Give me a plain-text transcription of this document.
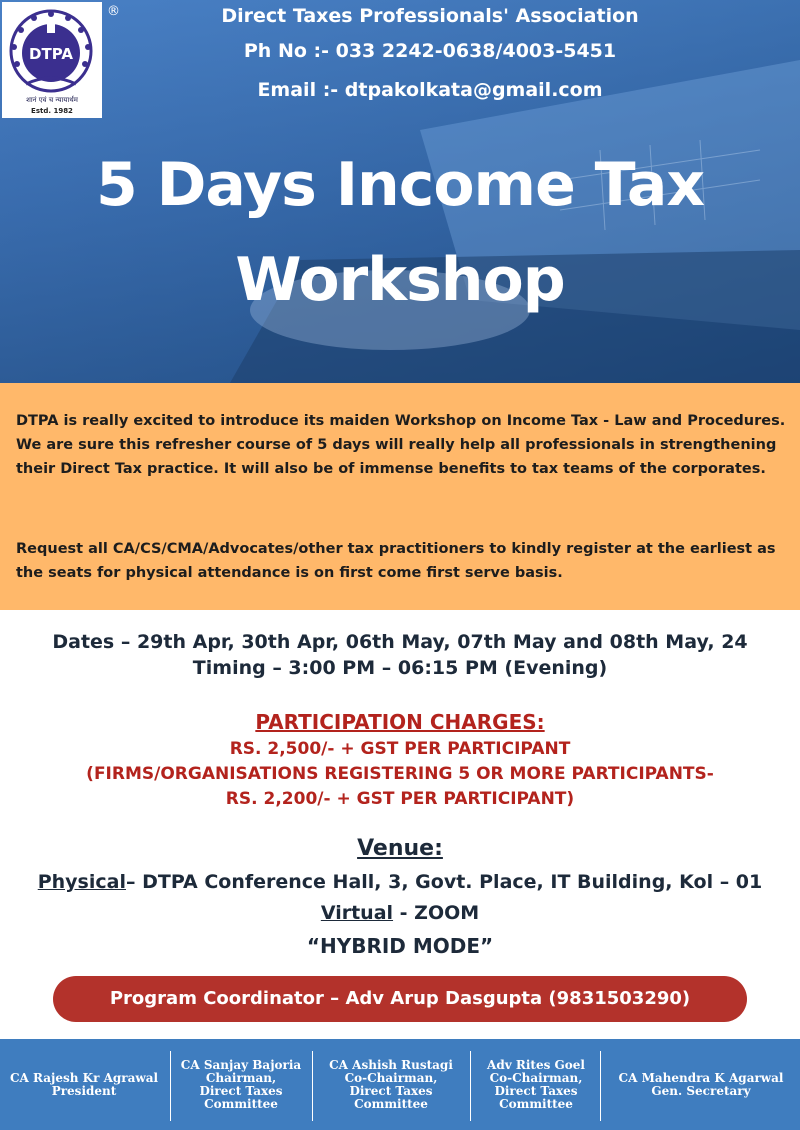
DTPA
शानं एवं च न्यायार्थम
Estd. 1982
®	Direct Taxes Professionals' Association
Ph No :- 033 2242-0638/4003-5451
Email :- dtpakolkata@gmail.com
5 Days Income Tax
Workshop

DTPA is really excited to introduce its maiden Workshop on Income Tax - Law and Procedures. We are sure this refresher course of 5 days will really help all professionals in strengthening their Direct Tax practice. It will also be of immense benefits to tax teams of the corporates.

Request all CA/CS/CMA/Advocates/other tax practitioners to kindly register at the earliest as the seats for physical attendance is on first come first serve basis.

Dates – 29th Apr, 30th Apr, 06th May, 07th May and 08th May, 24
Timing – 3:00 PM – 06:15 PM (Evening)
PARTICIPATION CHARGES:
RS. 2,500/- + GST PER PARTICIPANT
(FIRMS/ORGANISATIONS REGISTERING 5 OR MORE PARTICIPANTS-
RS. 2,200/- + GST PER PARTICIPANT)
Venue:
Physical– DTPA Conference Hall, 3, Govt. Place, IT Building, Kol – 01
Virtual - ZOOM
“HYBRID MODE”
Program Coordinator – Adv Arup Dasgupta (9831503290)
CA Rajesh Kr Agrawal
President
CA Sanjay Bajoria
Chairman,
Direct Taxes
Committee
CA Ashish Rustagi
Co-Chairman,
Direct Taxes
Committee
Adv Rites Goel
Co-Chairman,
Direct Taxes
Committee
CA Mahendra K Agarwal
Gen. Secretary
